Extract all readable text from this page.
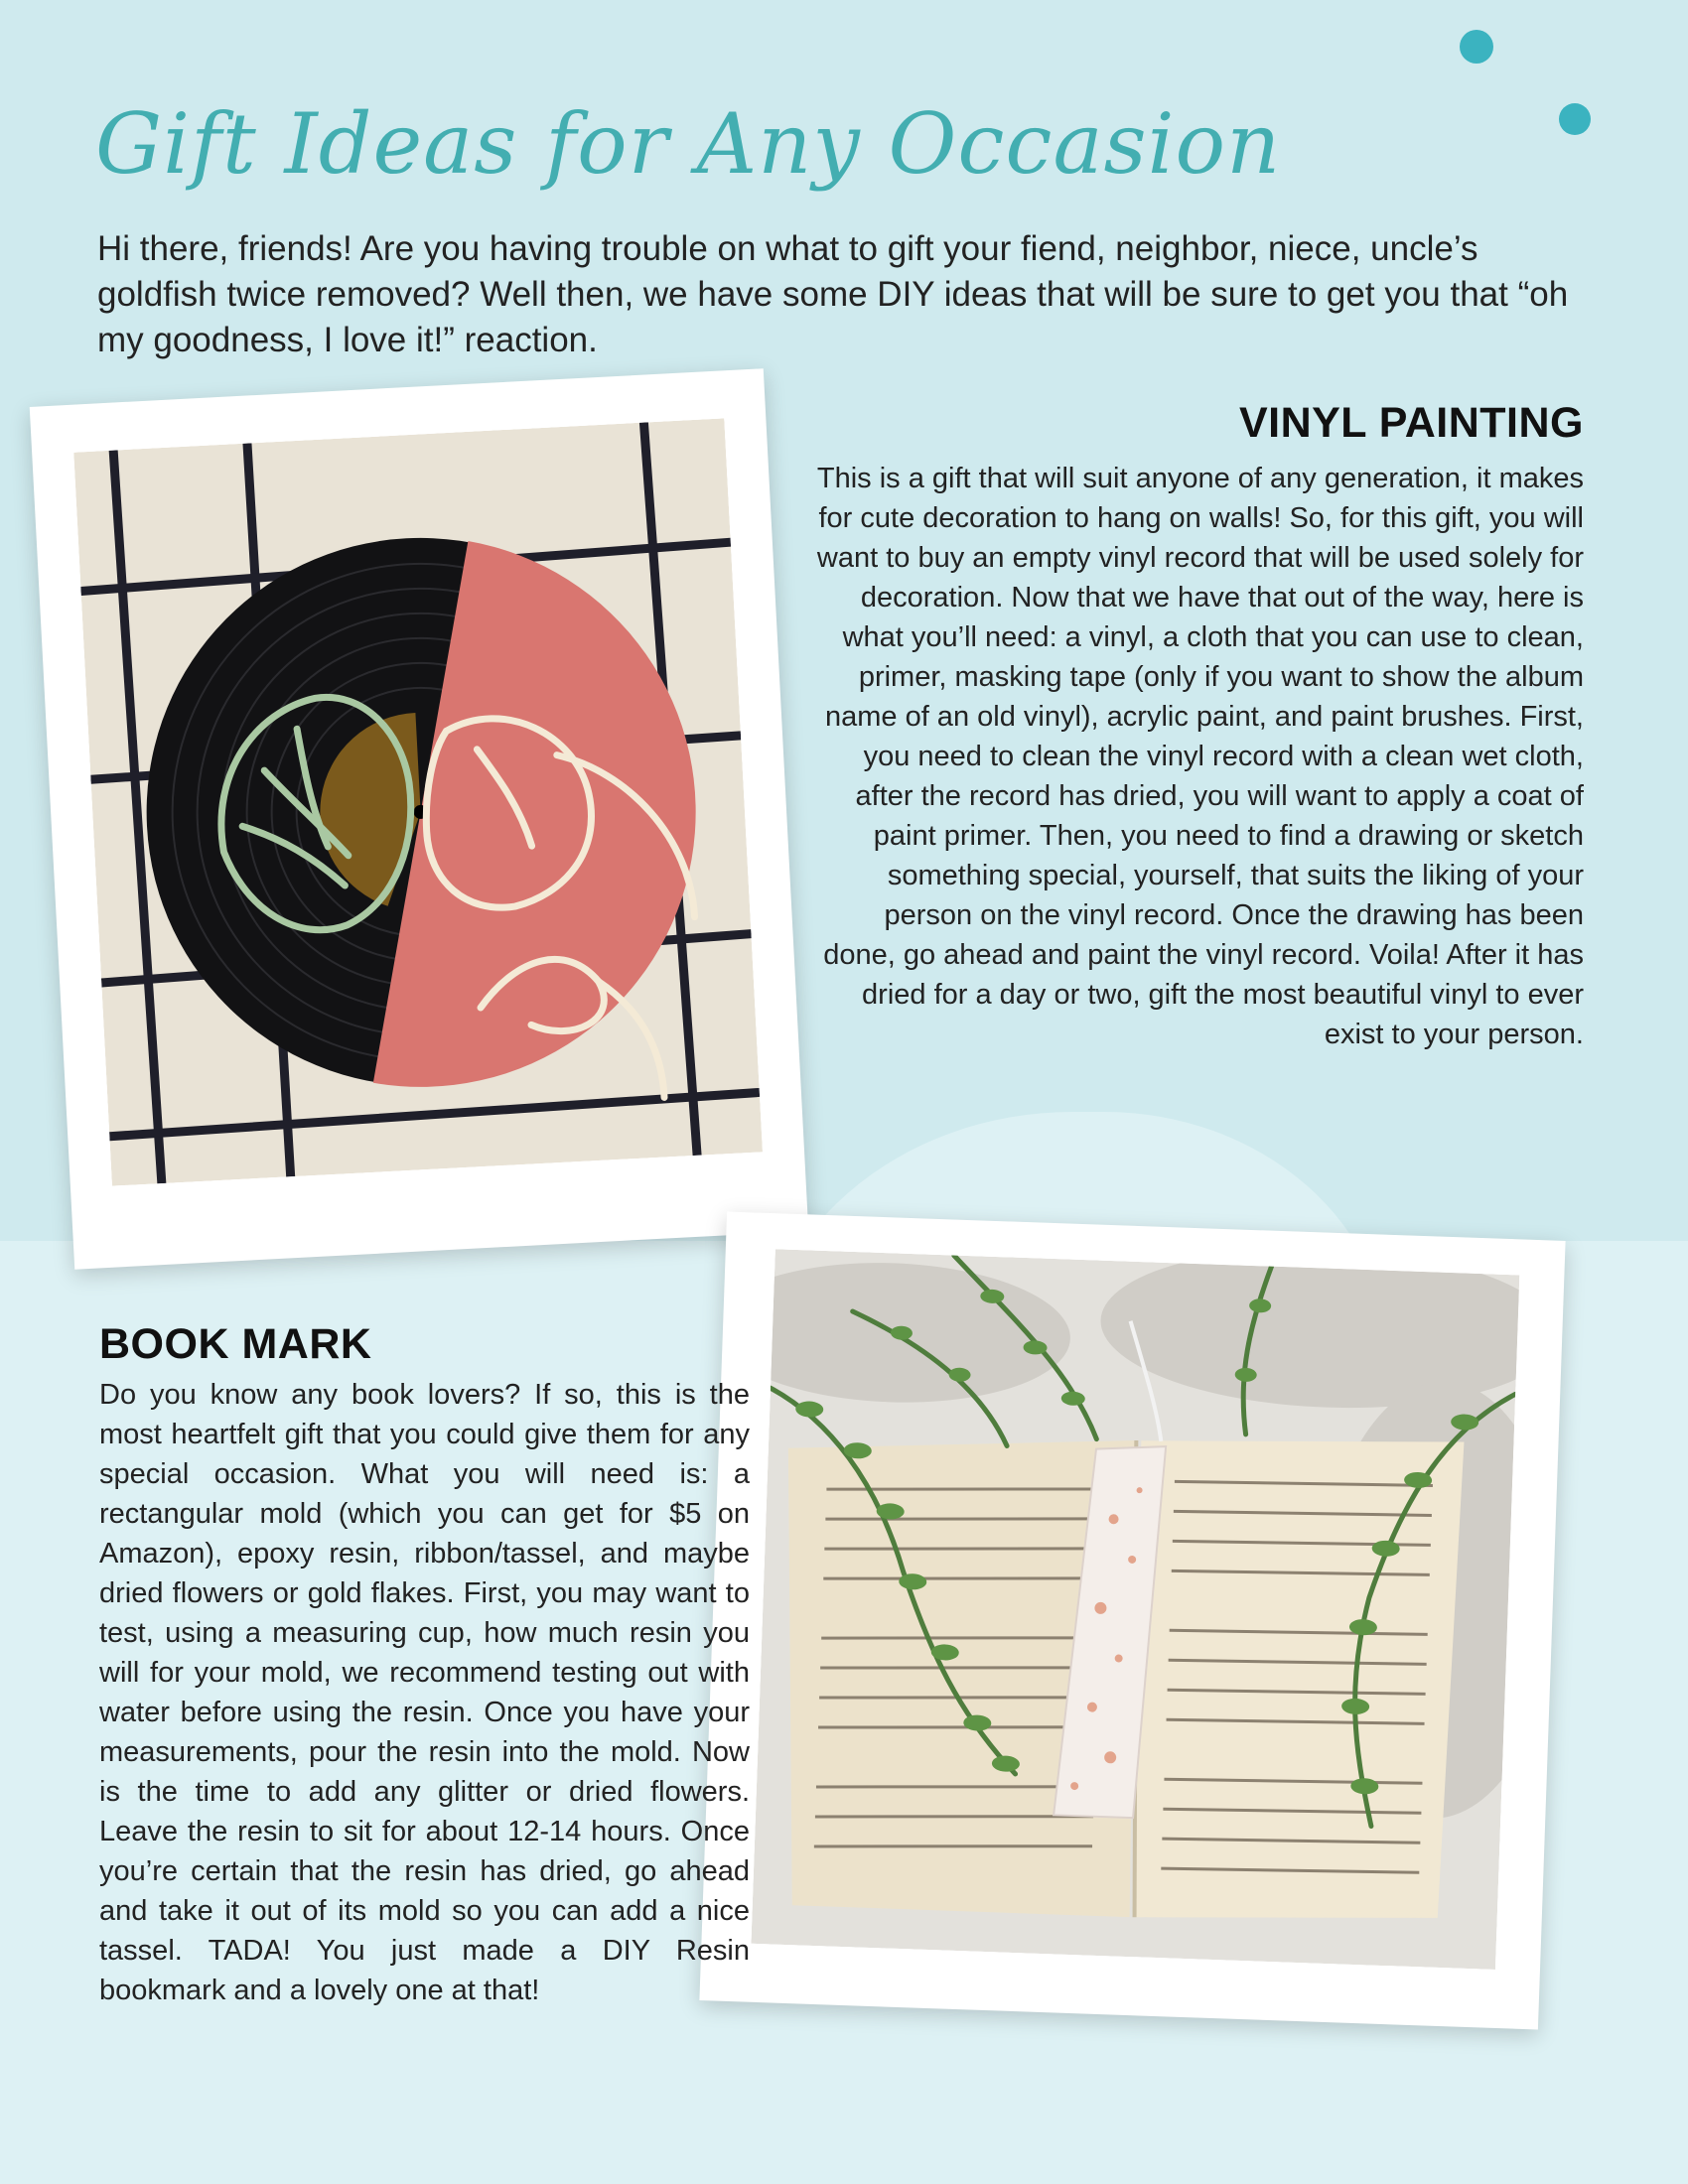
Gift Ideas for Any Occasion

Hi there, friends! Are you having trouble on what to gift your fiend, neighbor, niece, uncle’s goldfish twice removed? Well then, we have some DIY ideas that will be sure to get you that “oh my goodness, I love it!” reaction.

VINYL PAINTING

This is a gift that will suit anyone of any generation, it makes for cute decoration to hang on walls! So, for this gift, you will want to buy an empty vinyl record that will be used solely for decoration. Now that we have that out of the way, here is what you’ll need: a vinyl, a cloth that you can use to clean, primer, masking tape (only if you want to show the album name of an old vinyl), acrylic paint, and paint brushes. First, you need to clean the vinyl record with a clean wet cloth, after the record has dried, you will want to apply a coat of paint primer. Then, you need to find a drawing or sketch something special, yourself, that suits the liking of your person on the vinyl record. Once the drawing has been done, go ahead and paint the vinyl record. Voila! After it has dried for a day or two, gift the most beautiful vinyl to ever exist to your person.

BOOK MARK

Do you know any book lovers? If so, this is the most heartfelt gift that you could give them for any special occasion. What you will need is: a rectangular mold (which you can get for $5 on Amazon), epoxy resin, ribbon/tassel, and maybe dried flowers or gold flakes. First, you may want to test, using a measuring cup, how much resin you will for your mold, we recommend testing out with water before using the resin. Once you have your measurements, pour the resin into the mold. Now is the time to add any glitter or dried flowers. Leave the resin to sit for about 12-14 hours. Once you’re certain that the resin has dried, go ahead and take it out of its mold so you can add a nice tassel. TADA! You just made a DIY Resin bookmark and a lovely one at that!
